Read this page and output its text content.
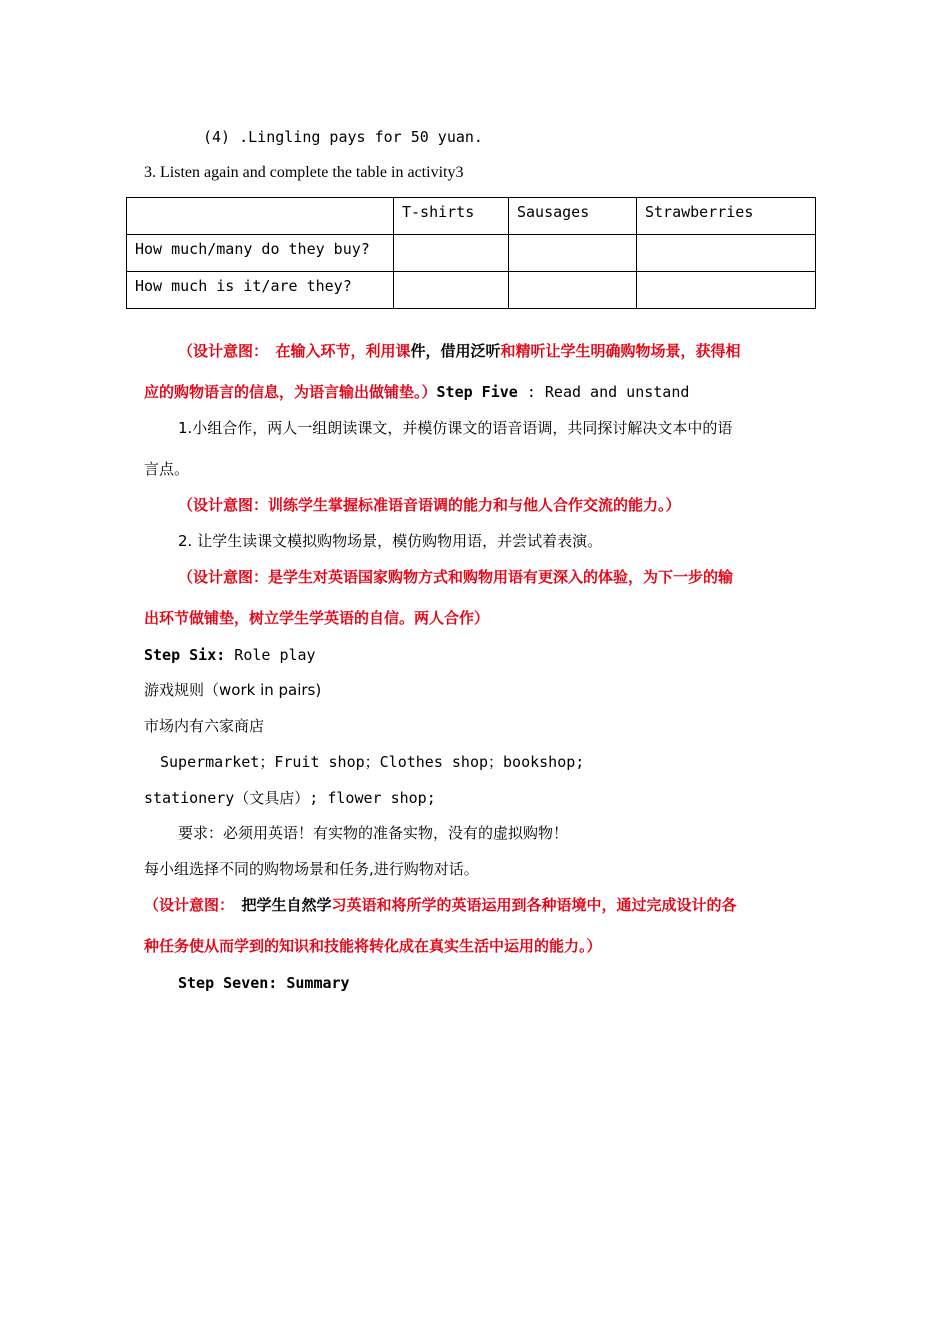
(4) .Lingling pays for 50 yuan.
3. Listen again and complete the table in activity3
	T-shirts	Sausages	Strawberries
How much/many do they buy?			
How much is it/are they?			
（设计意图：　在输入环节，利用课件，借用泛听和精听让学生明确购物场景，获得相
应的购物语言的信息，为语言输出做铺垫。）Step Five : Read and unstand
1.小组合作，两人一组朗读课文，并模仿课文的语音语调，共同探讨解决文本中的语
言点。
（设计意图：训练学生掌握标准语音语调的能力和与他人合作交流的能力。）
2. 让学生读课文模拟购物场景，模仿购物用语，并尝试着表演。
（设计意图：是学生对英语国家购物方式和购物用语有更深入的体验，为下一步的输
出环节做铺垫，树立学生学英语的自信。两人合作）
Step Six: Role play
游戏规则（work in pairs)
市场内有六家商店
Supermarket；Fruit shop；Clothes shop；bookshop;
stationery（文具店）; flower shop;
要求：必须用英语！有实物的准备实物，没有的虚拟购物！
每小组选择不同的购物场景和任务,进行购物对话。
（设计意图：　把学生自然学习英语和将所学的英语运用到各种语境中，通过完成设计的各
种任务使从而学到的知识和技能将转化成在真实生活中运用的能力。）
Step Seven: Summary
